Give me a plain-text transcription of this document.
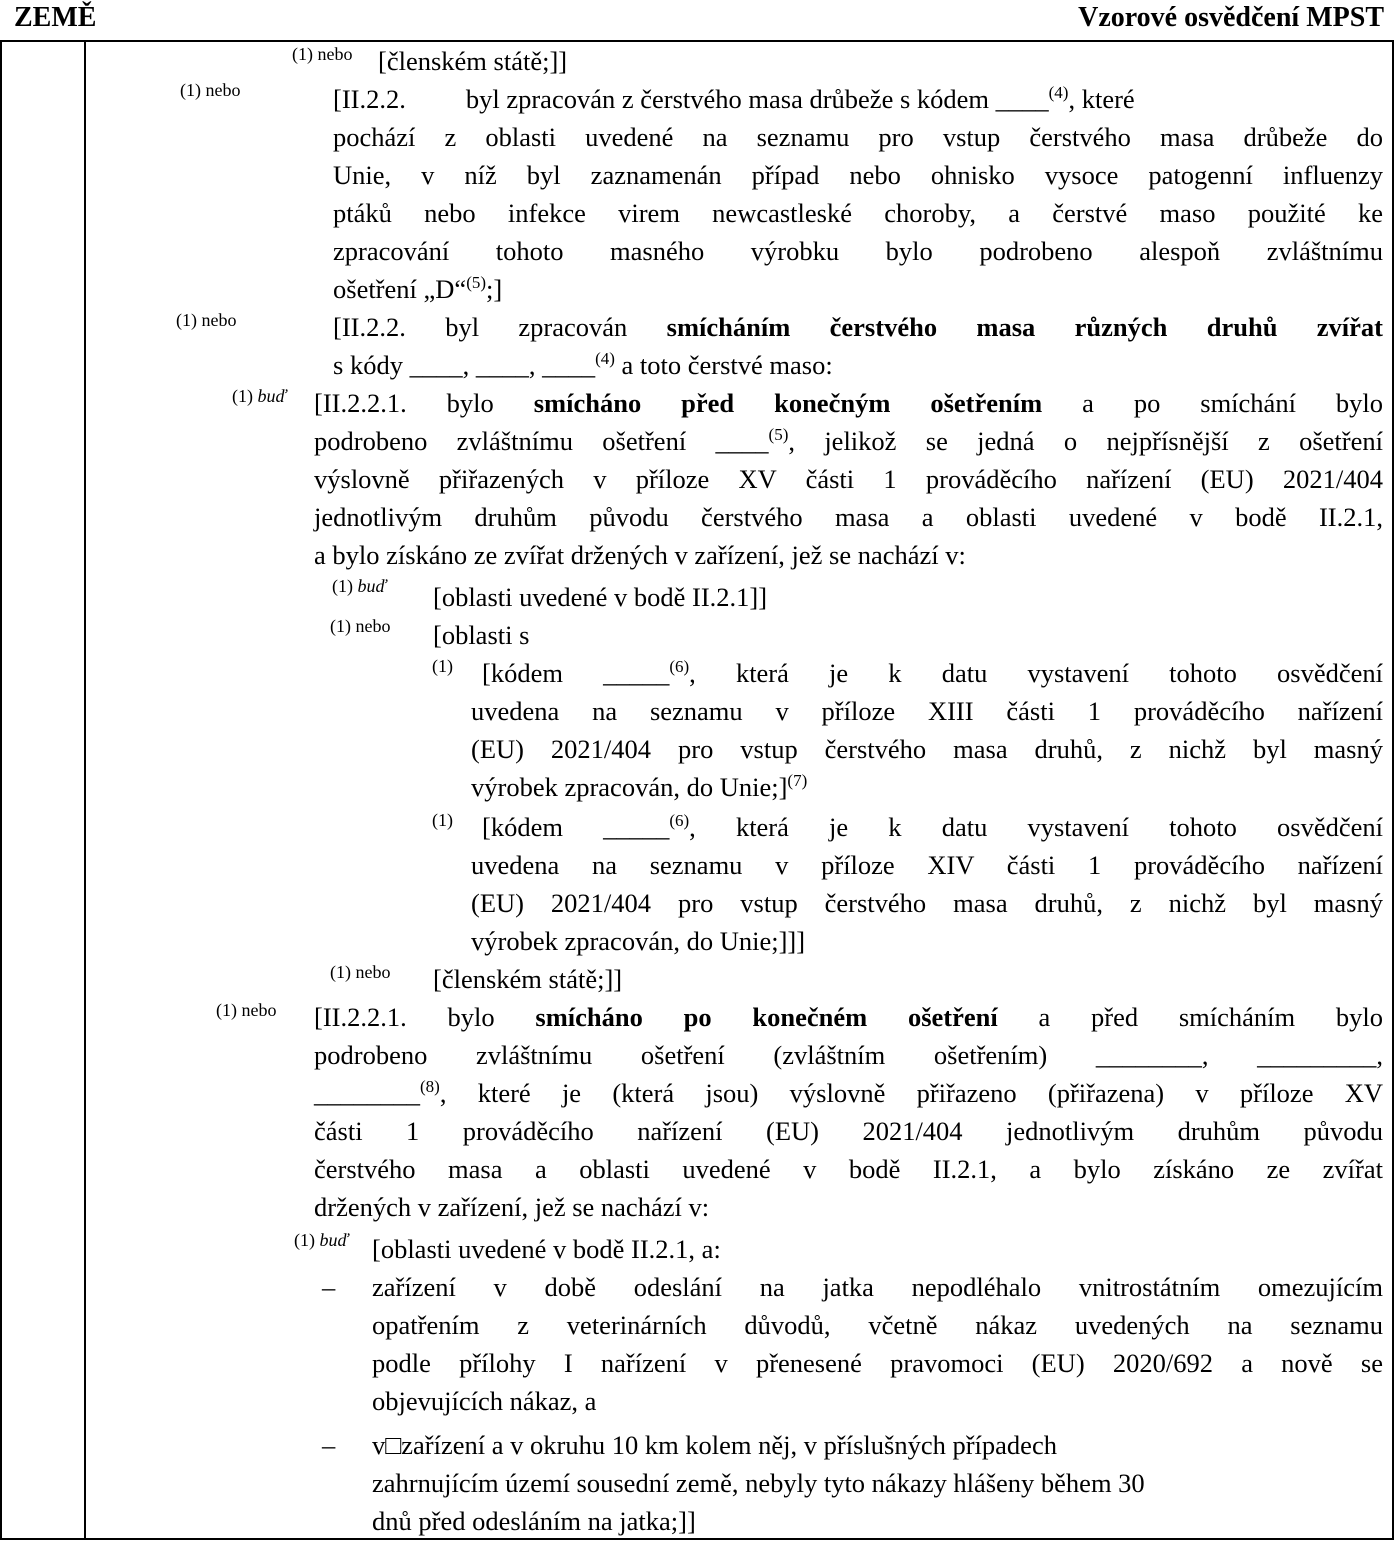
ZEMĚ	Vzorové osvědčení MPST
(1) nebo [členském státě;]]
(1) nebo	[II.2.2. byl zpracován z čerstvého masa drůbeže s kódem ____$^{(4)}$, které
pochází z oblasti uvedené na seznamu pro vstup čerstvého masa drůbeže do
Unie, v níž byl zaznamenán případ nebo ohnisko vysoce patogenní influenzy
ptáků nebo infekce virem newcastleské choroby, a čerstvé maso použité ke
zpracování tohoto masného výrobku bylo podrobeno alespoň zvláštnímu
ošetření „D“$^{(5)}$;]
(1) nebo	[II.2.2. byl zpracován smícháním čerstvého masa různých druhů zvířat
s kódy ____, ____, ____$^{(4)}$ a toto čerstvé maso:
(1) buď [II.2.2.1. bylo smícháno před konečným ošetřením a po smíchání bylo
podrobeno zvláštnímu ošetření ____$^{(5)}$, jelikož se jedná o nejpřísnější z ošetření
výslovně přiřazených v příloze XV části 1 prováděcího nařízení (EU) 2021/404
jednotlivým druhům původu čerstvého masa a oblasti uvedené v bodě II.2.1,
a bylo získáno ze zvířat držených v zařízení, jež se nachází v:
(1) buď [oblasti uvedené v bodě II.2.1]]
(1) nebo [oblasti s
(1) [kódem _____$^{(6)}$, která je k datu vystavení tohoto osvědčení
uvedena na seznamu v příloze XIII části 1 prováděcího nařízení
(EU) 2021/404 pro vstup čerstvého masa druhů, z nichž byl masný
výrobek zpracován, do Unie;]$^{(7)}$
(1) [kódem _____$^{(6)}$, která je k datu vystavení tohoto osvědčení
uvedena na seznamu v příloze XIV části 1 prováděcího nařízení
(EU) 2021/404 pro vstup čerstvého masa druhů, z nichž byl masný
výrobek zpracován, do Unie;]]]
(1) nebo [členském státě;]]
(1) nebo [II.2.2.1. bylo smícháno po konečném ošetření a před smícháním bylo
podrobeno zvláštnímu ošetření (zvláštním ošetřením) ________, _________,
________$^{(8)}$, které je (která jsou) výslovně přiřazeno (přiřazena) v příloze XV
části 1 prováděcího nařízení (EU) 2021/404 jednotlivým druhům původu
čerstvého masa a oblasti uvedené v bodě II.2.1, a bylo získáno ze zvířat
držených v zařízení, jež se nachází v:
(1) buď [oblasti uvedené v bodě II.2.1, a:
– zařízení v době odeslání na jatka nepodléhalo vnitrostátním omezujícím
opatřením z veterinárních důvodů, včetně nákaz uvedených na seznamu
podle přílohy I nařízení v přenesené pravomoci (EU) 2020/692 a nově se
objevujících nákaz, a
– v□zařízení a v okruhu 10 km kolem něj, v příslušných případech
zahrnujícím území sousední země, nebyly tyto nákazy hlášeny během 30
dnů před odesláním na jatka;]]
